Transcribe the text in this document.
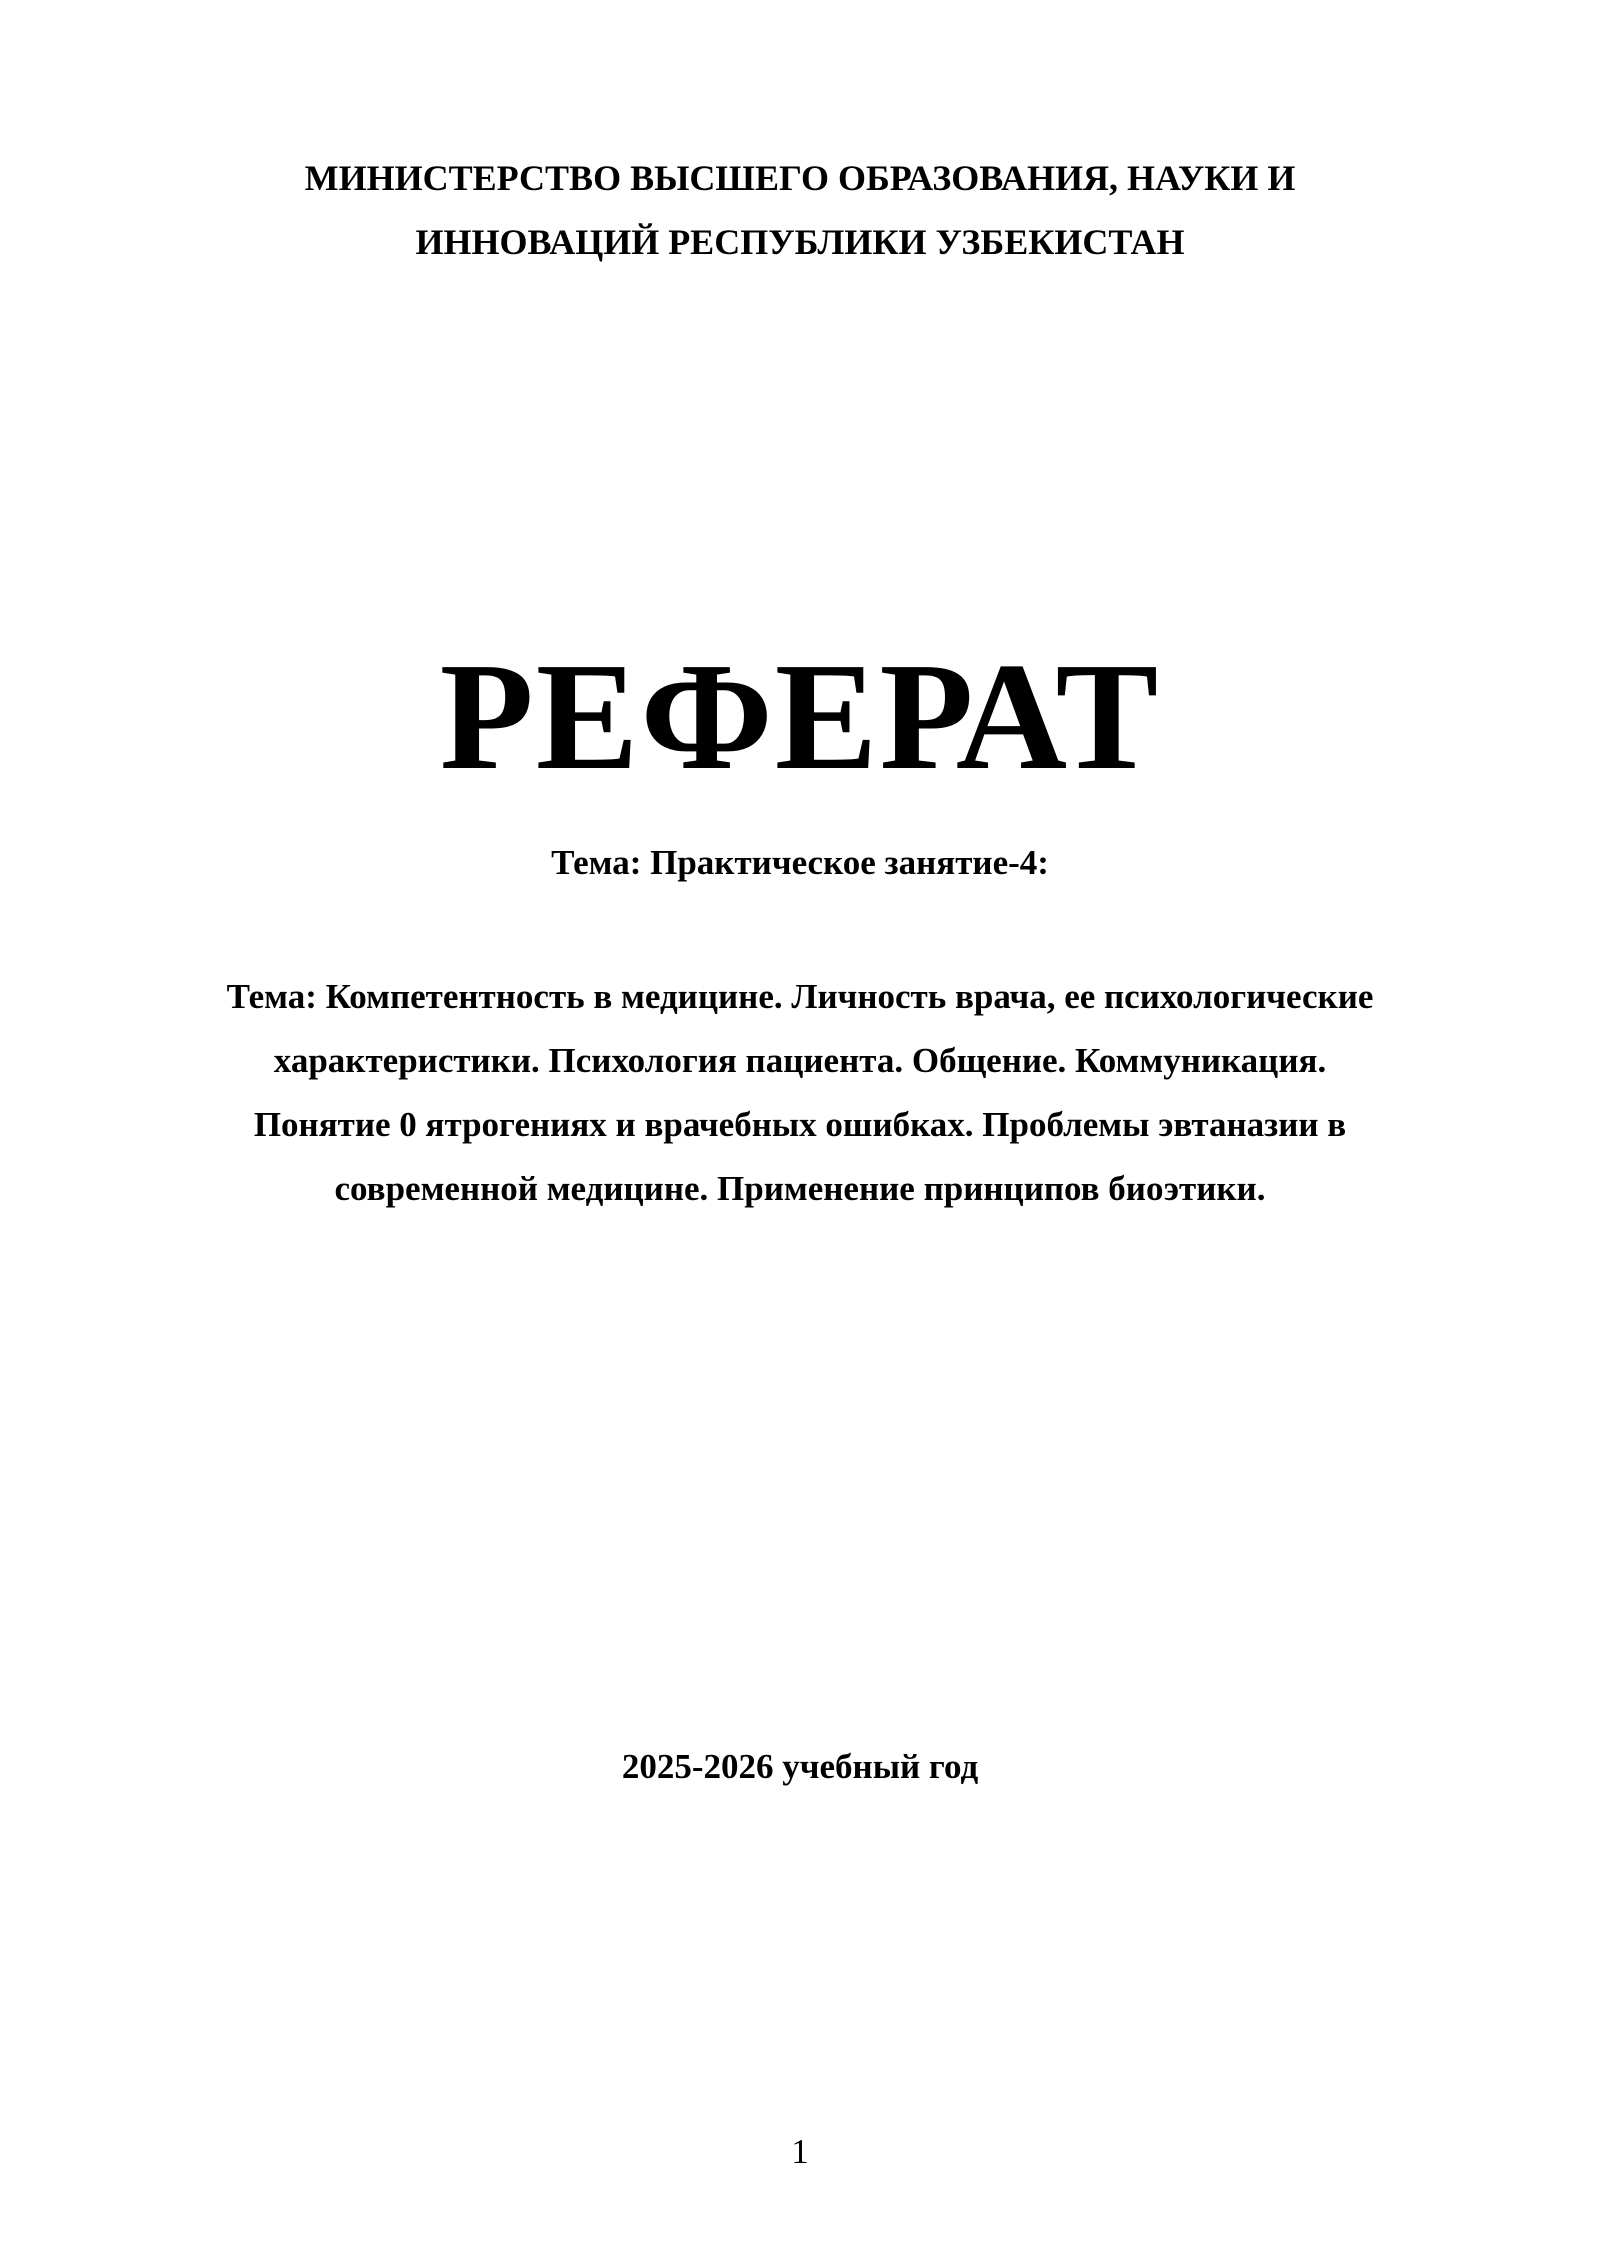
МИНИСТЕРСТВО ВЫСШЕГО ОБРАЗОВАНИЯ, НАУКИ И
ИННОВАЦИЙ РЕСПУБЛИКИ УЗБЕКИСТАН
РЕФЕРАТ
Тема: Практическое занятие-4:
Тема: Компетентность в медицине. Личность врача, ее психологические
характеристики. Психология пациента. Общение. Коммуникация.
Понятие 0 ятрогениях и врачебных ошибках. Проблемы эвтаназии в
современной медицине. Применение принципов биоэтики.
2025-2026 учебный год
1
